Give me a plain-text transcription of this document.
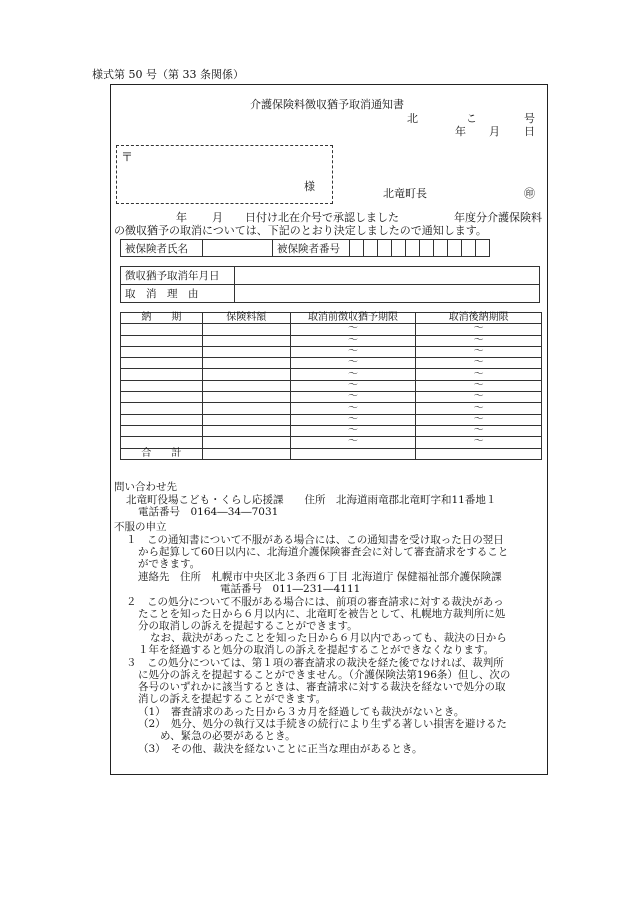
様式第 50 号（第 33 条関係）
介護保険料徴収猶予取消通知書
北	こ	号
年 月 日
〒
様
北竜町長	㊞
年 月 日付け北在介号で承認しました	年度分介護保険料
の徴収猶予の取消については、下記のとおり決定しましたので通知します。
被保険者氏名		被保険者番号										
徴収猶予取消年月日	
取　消　理　由	
納　　期	保険料額	取消前徴収猶予期限	取消後納期限
		～	～
		～	～
		～	～
		～	～
		～	～
		～	～
		～	～
		～	～
		～	～
		～	～
		～	～
合　　計			
問い合わせ先
北竜町役場こども・くらし応援課　　住所　北海道雨竜郡北竜町字和11番地１
電話番号　0164―34―7031
不服の申立
１　この通知書について不服がある場合には、この通知書を受け取った日の翌日
から起算して60日以内に、北海道介護保険審査会に対して審査請求をすること
ができます。
連絡先　住所　札幌市中央区北３条西６丁目 北海道庁 保健福祉部介護保険課
電話番号　011―231―4111
２　この処分について不服がある場合には、前項の審査請求に対する裁決があっ
たことを知った日から６月以内に、北竜町を被告として、札幌地方裁判所に処
分の取消しの訴えを提起することができます。
なお、裁決があったことを知った日から６月以内であっても、裁決の日から
１年を経過すると処分の取消しの訴えを提起することができなくなります。
３　この処分については、第１項の審査請求の裁決を経た後でなければ、裁判所
に処分の訴えを提起することができません。（介護保険法第196条）但し、次の
各号のいずれかに該当するときは、審査請求に対する裁決を経ないで処分の取
消しの訴えを提起することができます。
（1）　審査請求のあった日から３カ月を経過しても裁決がないとき。
（2）　処分、処分の執行又は手続きの続行により生ずる著しい損害を避けるた
め、緊急の必要があるとき。
（3）　その他、裁決を経ないことに正当な理由があるとき。
